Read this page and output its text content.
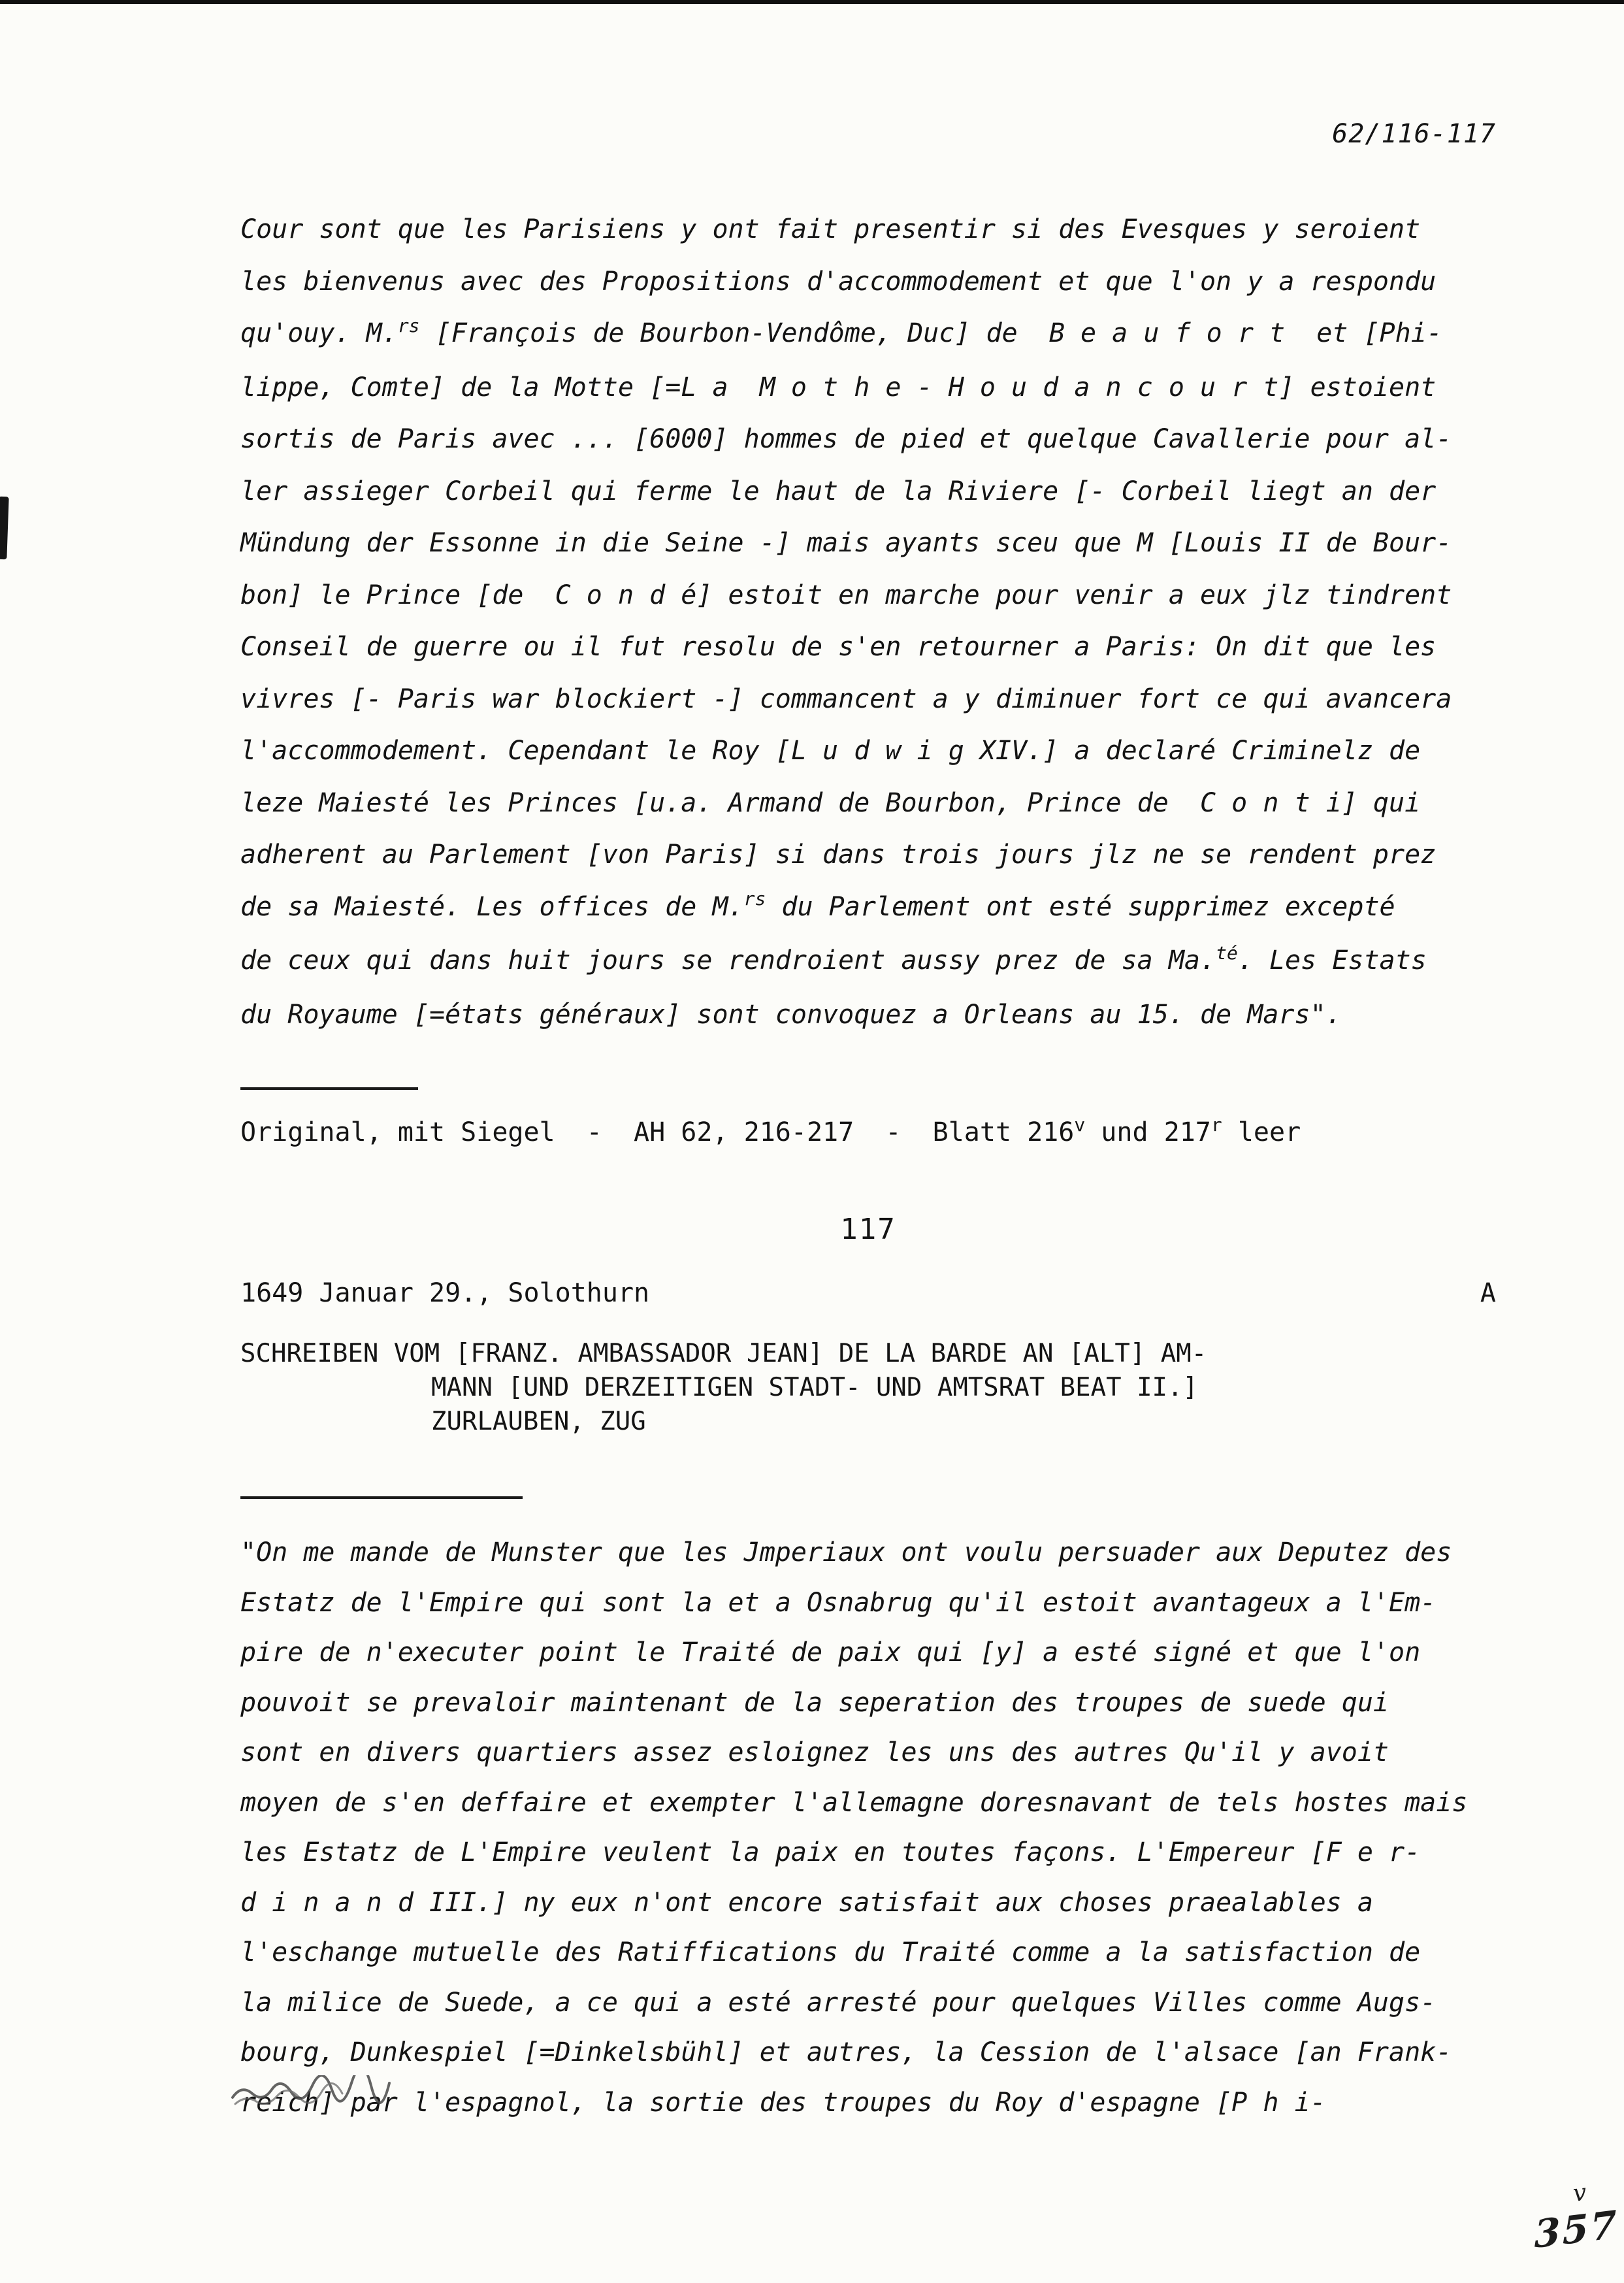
62/116-117
Cour sont que les Parisiens y ont fait presentir si des Evesques y seroient
les bienvenus avec des Propositions d'accommodement et que l'on y a respondu
qu'ouy. M.$^{rs}$ [François de Bourbon-Vendôme, Duc] de  B e a u f o r t  et [Phi-
lippe, Comte] de la Motte [=L a  M o t h e - H o u d a n c o u r t] estoient
sortis de Paris avec ... [6000] hommes de pied et quelque Cavallerie pour al-
ler assieger Corbeil qui ferme le haut de la Riviere [- Corbeil liegt an der
Mündung der Essonne in die Seine -] mais ayants sceu que M [Louis II de Bour-
bon] le Prince [de  C o n d é] estoit en marche pour venir a eux jlz tindrent
Conseil de guerre ou il fut resolu de s'en retourner a Paris: On dit que les
vivres [- Paris war blockiert -] commancent a y diminuer fort ce qui avancera
l'accommodement. Cependant le Roy [L u d w i g XIV.] a declaré Criminelz de
leze Maiesté les Princes [u.a. Armand de Bourbon, Prince de  C o n t i] qui
adherent au Parlement [von Paris] si dans trois jours jlz ne se rendent prez
de sa Maiesté. Les offices de M.$^{rs}$ du Parlement ont esté supprimez excepté
de ceux qui dans huit jours se rendroient aussy prez de sa Ma.$^{té}$. Les Estats
du Royaume [=états généraux] sont convoquez a Orleans au 15. de Mars".
Original, mit Siegel  -  AH 62, 216-217  -  Blatt 216$^v$ und 217$^r$ leer
117
1649 Januar 29., Solothurn	A
SCHREIBEN VOM [FRANZ. AMBASSADOR JEAN] DE LA BARDE AN [ALT] AM-
MANN [UND DERZEITIGEN STADT- UND AMTSRAT BEAT II.]
ZURLAUBEN, ZUG
"On me mande de Munster que les Jmperiaux ont voulu persuader aux Deputez des
Estatz de l'Empire qui sont la et a Osnabrug qu'il estoit avantageux a l'Em-
pire de n'executer point le Traité de paix qui [y] a esté signé et que l'on
pouvoit se prevaloir maintenant de la seperation des troupes de suede qui
sont en divers quartiers assez esloignez les uns des autres Qu'il y avoit
moyen de s'en deffaire et exempter l'allemagne doresnavant de tels hostes mais
les Estatz de L'Empire veulent la paix en toutes façons. L'Empereur [F e r-
d i n a n d III.] ny eux n'ont encore satisfait aux choses praealables a
l'eschange mutuelle des Ratiffications du Traité comme a la satisfaction de
la milice de Suede, a ce qui a esté arresté pour quelques Villes comme Augs-
bourg, Dunkespiel [=Dinkelsbühl] et autres, la Cession de l'alsace [an Frank-
reich] par l'espagnol, la sortie des troupes du Roy d'espagne [P h i-
v
357
